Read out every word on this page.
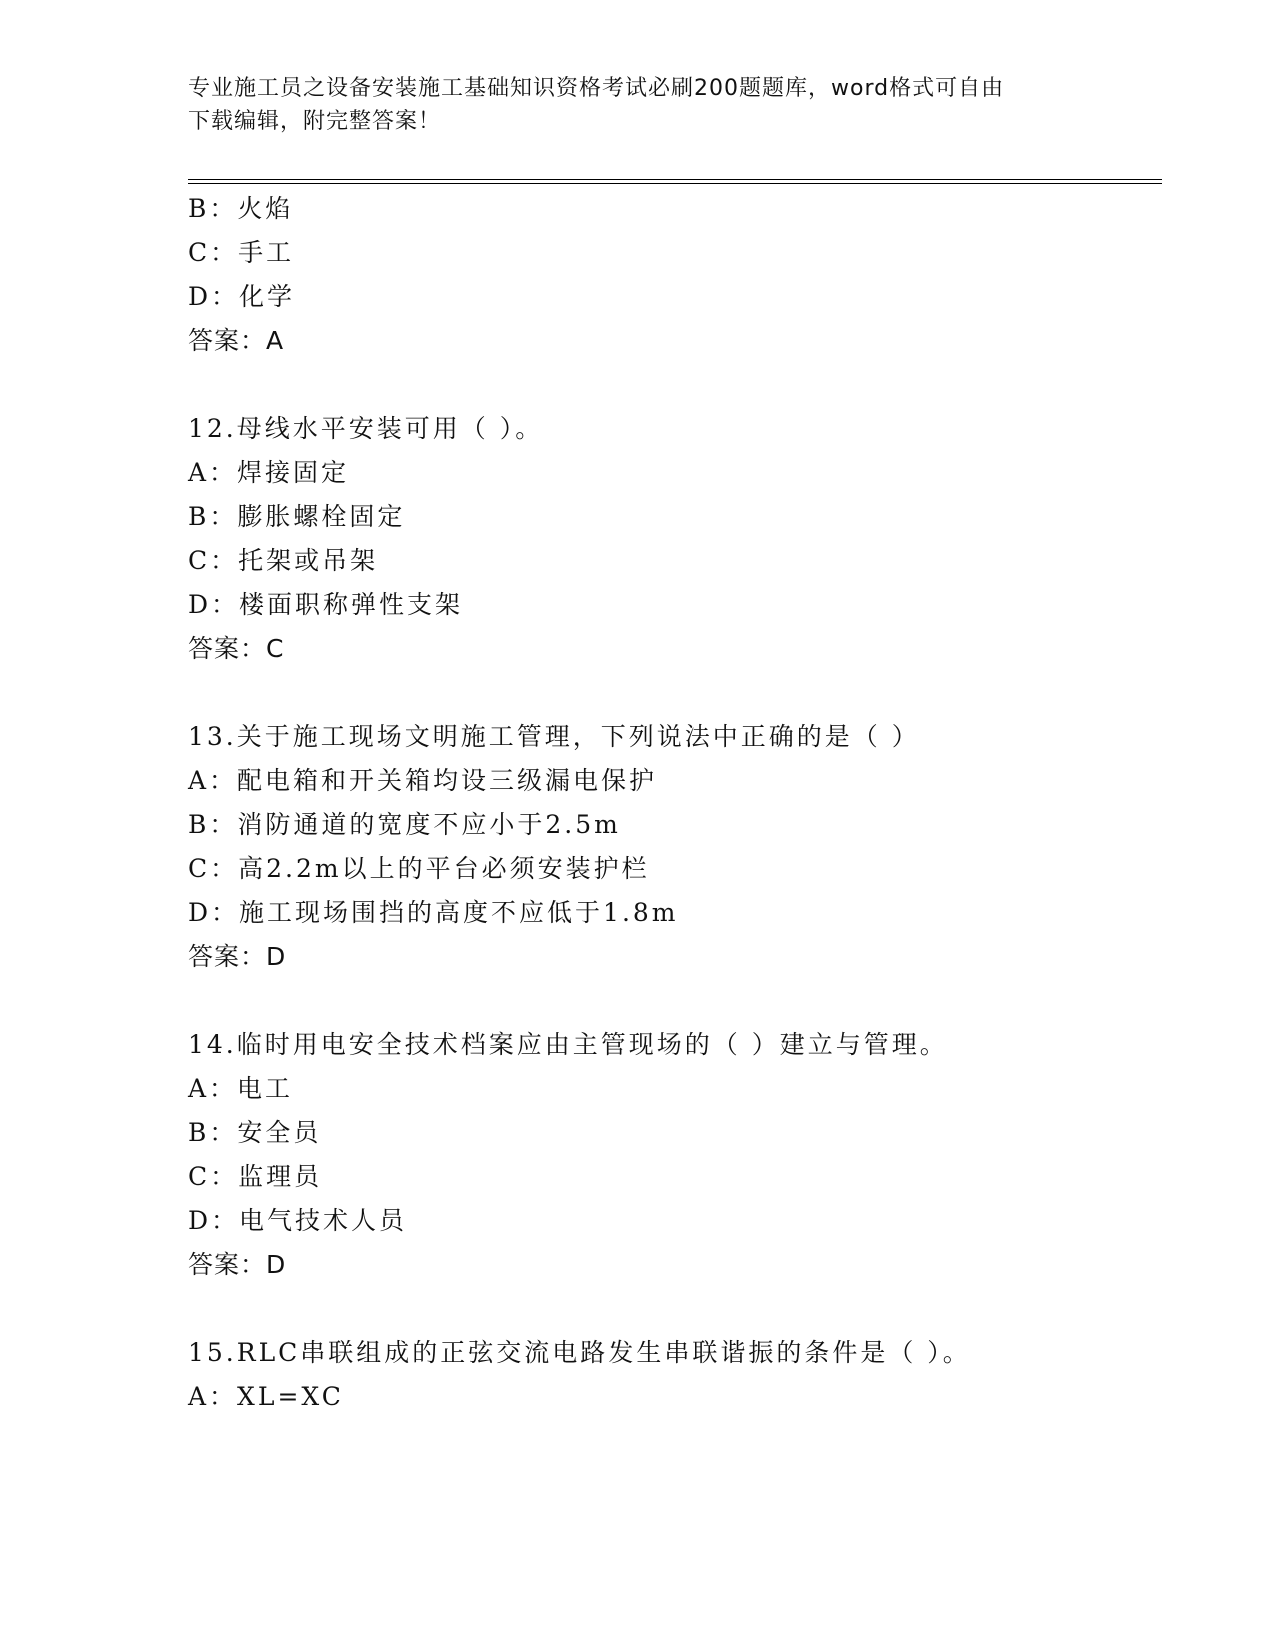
专业施工员之设备安装施工基础知识资格考试必刷200题题库，word格式可自由
下载编辑，附完整答案！
B：火焰
C：手工
D：化学
答案：A
12.母线水平安装可用（ ）。
A：焊接固定
B：膨胀螺栓固定
C：托架或吊架
D：楼面职称弹性支架
答案：C
13.关于施工现场文明施工管理，下列说法中正确的是（ ）
A：配电箱和开关箱均设三级漏电保护
B：消防通道的宽度不应小于2.5m
C：高2.2m以上的平台必须安装护栏
D：施工现场围挡的高度不应低于1.8m
答案：D
14.临时用电安全技术档案应由主管现场的（ ）建立与管理。
A：电工
B：安全员
C：监理员
D：电气技术人员
答案：D
15.RLC串联组成的正弦交流电路发生串联谐振的条件是（ ）。
A：XL=XC
